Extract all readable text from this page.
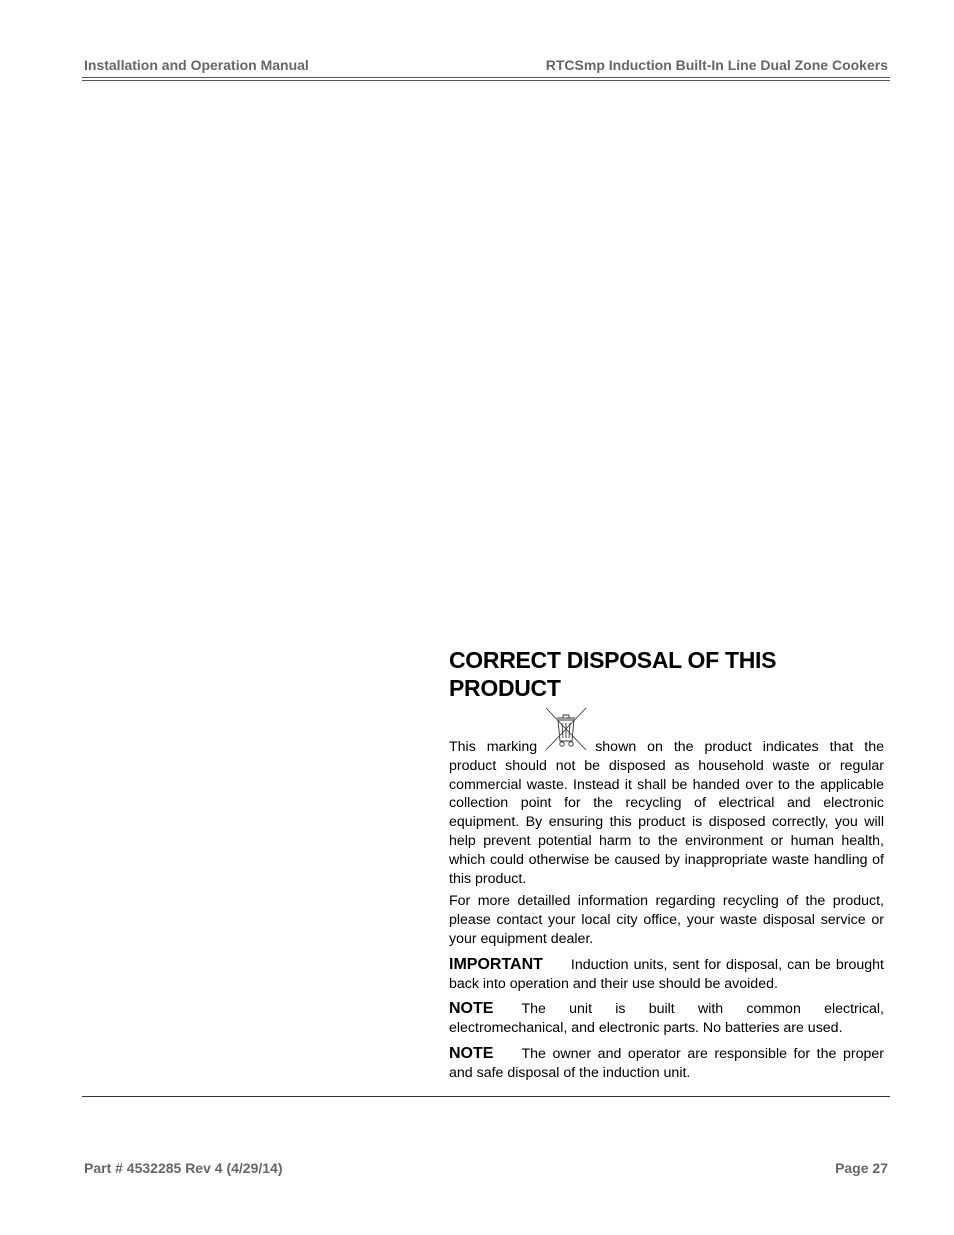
Installation and Operation Manual	RTCSmp Induction Built-In Line Dual Zone Cookers
CORRECT DISPOSAL OF THIS PRODUCT

This marking	shown on the product indicates that the product should not be disposed as household waste or regular commercial waste. Instead it shall be handed over to the applicable collection point for the recycling of electrical and electronic equipment. By ensuring this product is disposed correctly, you will help prevent potential harm to the environment or human health, which could otherwise be caused by inappropriate waste handling of this product.

For more detailled information regarding recycling of the product, please contact your local city office, your waste disposal service or your equipment dealer.

IMPORTANT Induction units, sent for disposal, can be brought back into operation and their use should be avoided.

NOTE The unit is built with common electrical, electromechanical, and electronic parts. No batteries are used.

NOTE The owner and operator are responsible for the proper and safe disposal of the induction unit.

Part # 4532285 Rev 4 (4/29/14)	Page 27
